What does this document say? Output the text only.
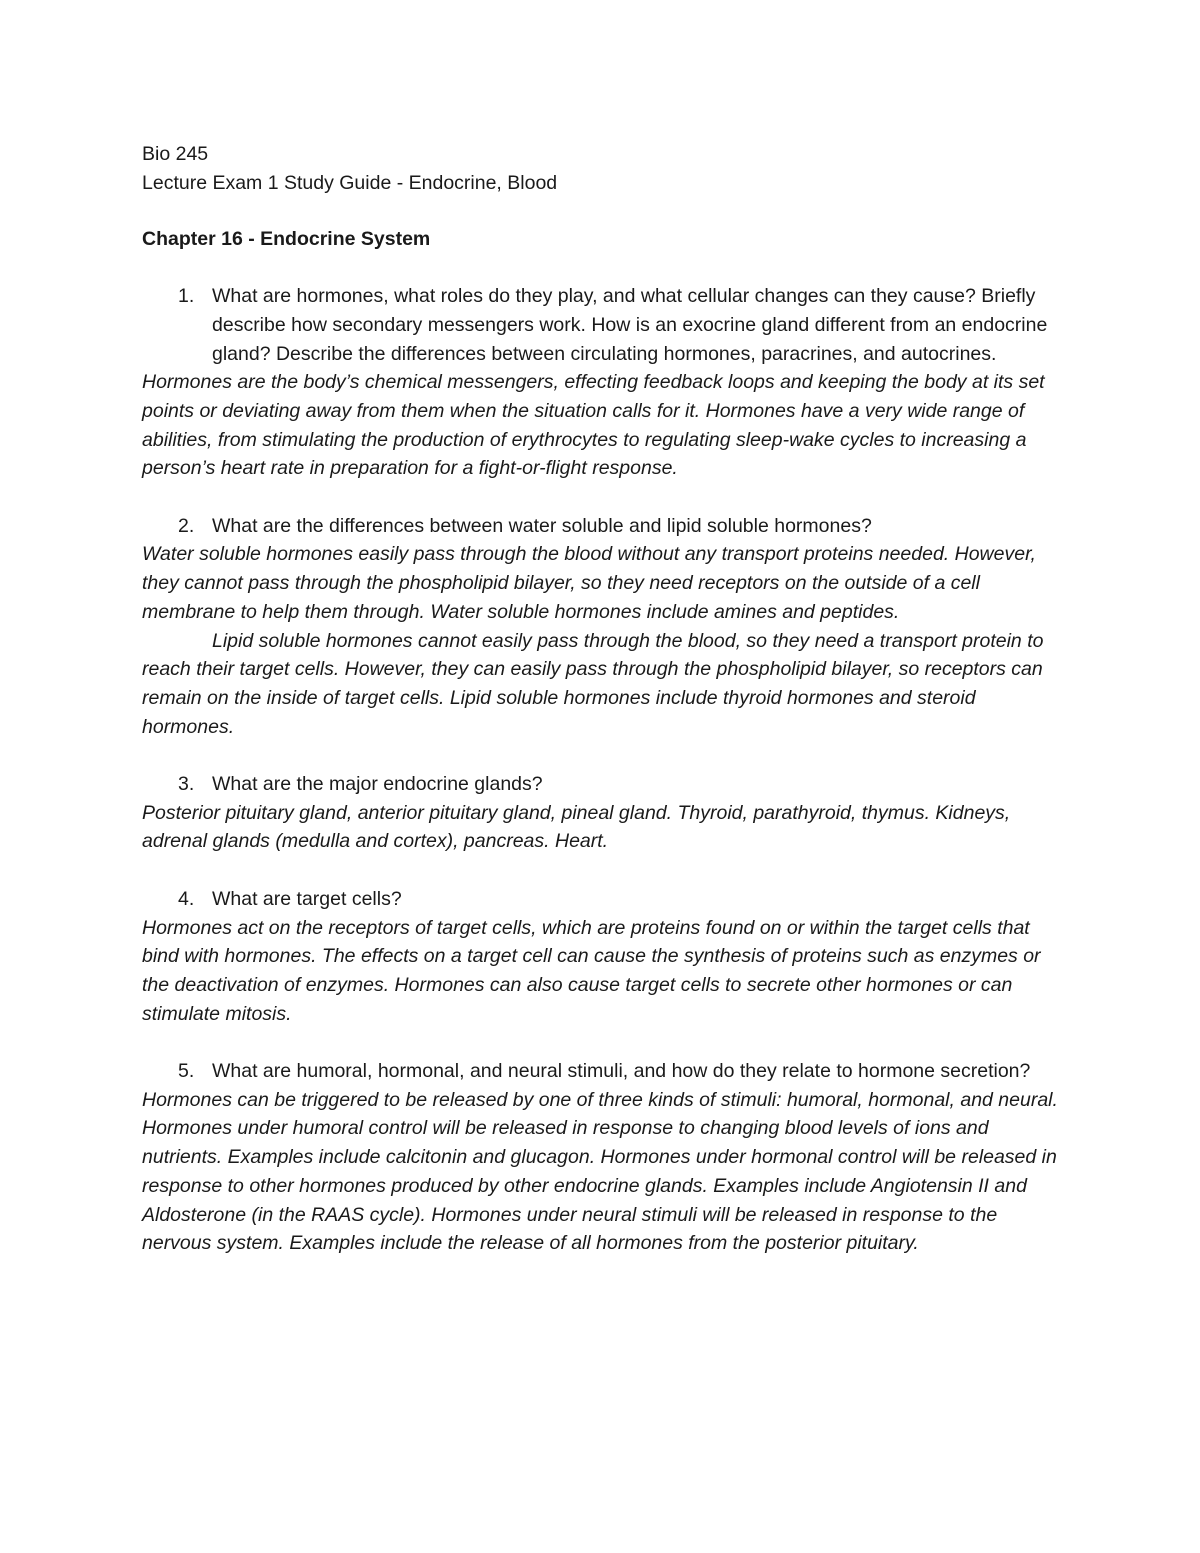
Bio 245

Lecture Exam 1 Study Guide - Endocrine, Blood

Chapter 16 - Endocrine System

1. What are hormones, what roles do they play, and what cellular changes can they cause? Briefly describe how secondary messengers work. How is an exocrine gland different from an endocrine gland? Describe the differences between circulating hormones, paracrines, and autocrines.

Hormones are the body’s chemical messengers, effecting feedback loops and keeping the body at its set points or deviating away from them when the situation calls for it. Hormones have a very wide range of abilities, from stimulating the production of erythrocytes to regulating sleep-wake cycles to increasing a person’s heart rate in preparation for a fight-or-flight response.

2. What are the differences between water soluble and lipid soluble hormones?

Water soluble hormones easily pass through the blood without any transport proteins needed. However, they cannot pass through the phospholipid bilayer, so they need receptors on the outside of a cell membrane to help them through. Water soluble hormones include amines and peptides.

Lipid soluble hormones cannot easily pass through the blood, so they need a transport protein to reach their target cells. However, they can easily pass through the phospholipid bilayer, so receptors can remain on the inside of target cells. Lipid soluble hormones include thyroid hormones and steroid hormones.

3. What are the major endocrine glands?

Posterior pituitary gland, anterior pituitary gland, pineal gland. Thyroid, parathyroid, thymus. Kidneys, adrenal glands (medulla and cortex), pancreas. Heart.

4. What are target cells?

Hormones act on the receptors of target cells, which are proteins found on or within the target cells that bind with hormones. The effects on a target cell can cause the synthesis of proteins such as enzymes or the deactivation of enzymes. Hormones can also cause target cells to secrete other hormones or can stimulate mitosis.

5. What are humoral, hormonal, and neural stimuli, and how do they relate to hormone secretion?

Hormones can be triggered to be released by one of three kinds of stimuli: humoral, hormonal, and neural. Hormones under humoral control will be released in response to changing blood levels of ions and nutrients. Examples include calcitonin and glucagon. Hormones under hormonal control will be released in response to other hormones produced by other endocrine glands. Examples include Angiotensin II and Aldosterone (in the RAAS cycle). Hormones under neural stimuli will be released in response to the nervous system. Examples include the release of all hormones from the posterior pituitary.
